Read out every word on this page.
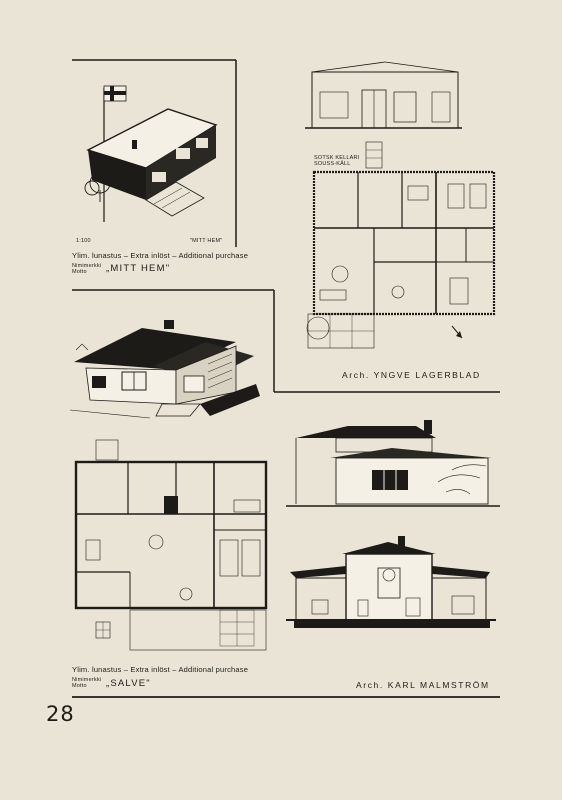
1:100	"MITT HEM"
Ylim. lunastus – Extra inlöst – Additional purchase
Nimimerkki
Motto „MITT HEM"
SOTSK KELLARI
SOUSS-KÄLL
Arch. YNGVE LAGERBLAD
Ylim. lunastus – Extra inlöst – Additional purchase
Nimimerkki
Motto „SALVE"	Arch. KARL MALMSTRÖM
28
